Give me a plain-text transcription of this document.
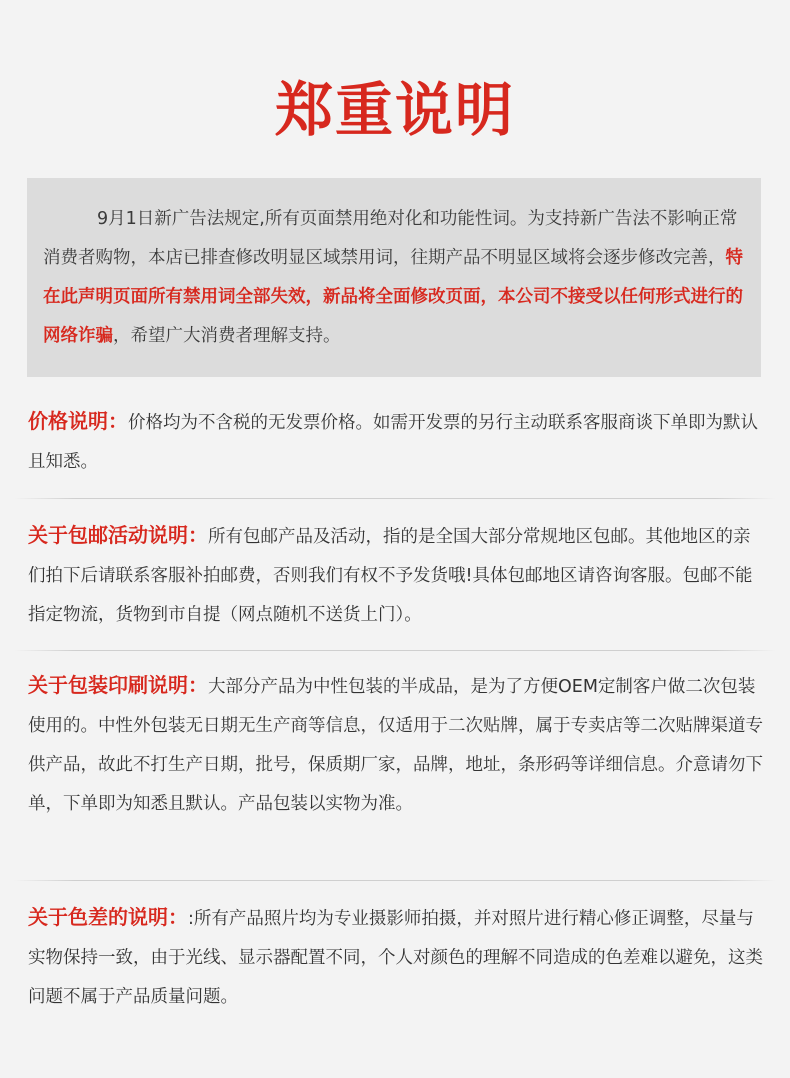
郑重说明
9月1日新广告法规定,所有页面禁用绝对化和功能性词。为支持新广告法不影响正常消费者购物，本店已排查修改明显区域禁用词，往期产品不明显区域将会逐步修改完善，特在此声明页面所有禁用词全部失效，新品将全面修改页面，本公司不接受以任何形式进行的网络诈骗，希望广大消费者理解支持。
价格说明：价格均为不含税的无发票价格。如需开发票的另行主动联系客服商谈下单即为默认且知悉。
关于包邮活动说明：所有包邮产品及活动，指的是全国大部分常规地区包邮。其他地区的亲们拍下后请联系客服补拍邮费，否则我们有权不予发货哦!具体包邮地区请咨询客服。包邮不能指定物流，货物到市自提（网点随机不送货上门）。
关于包装印刷说明：大部分产品为中性包装的半成品，是为了方便OEM定制客户做二次包装使用的。中性外包装无日期无生产商等信息，仅适用于二次贴牌，属于专卖店等二次贴牌渠道专供产品，故此不打生产日期，批号，保质期厂家，品牌，地址，条形码等详细信息。介意请勿下单，下单即为知悉且默认。产品包装以实物为准。
关于色差的说明：:所有产品照片均为专业摄影师拍摄，并对照片进行精心修正调整，尽量与实物保持一致，由于光线、显示器配置不同，个人对颜色的理解不同造成的色差难以避免，这类问题不属于产品质量问题。
